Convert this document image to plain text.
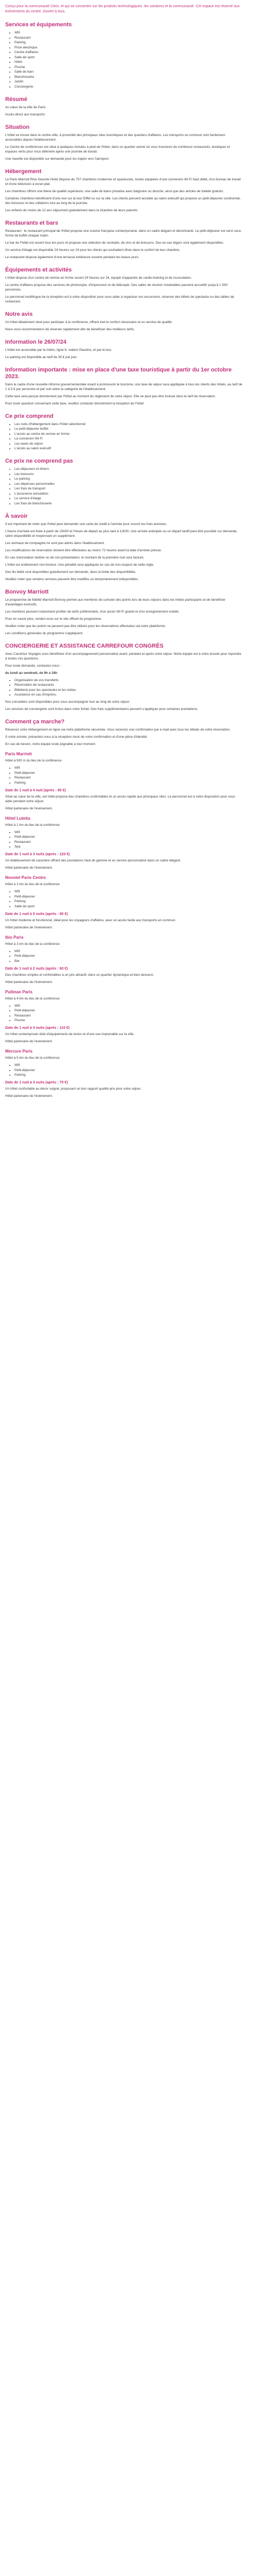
Conçu pour la communauté Citrix, et qui se concentre sur les produits technologiques, les solutions et la communauté. Cet espace est réservé aux événements du centre. Ouvert à tous.

Services et équipements
• Wifi
• Restaurant
• Parking
• Prise électrique
• Centre d'affaires
• Salle de sport
• Hôtel
• Piscine
• Salle de bain
• Blanchisserie
• Jardin
• Conciergerie
Résumé

Au cœur de la ville de Paris

Accès direct aux transports

Situation

L'hôtel se trouve dans le centre-ville, à proximité des principaux sites touristiques et des quartiers d'affaires. Les transports en commun sont facilement accessibles depuis l'établissement.

Le Centre de conférences est situé à quelques minutes à pied de l'hôtel, dans un quartier animé où vous trouverez de nombreux restaurants, boutiques et espaces verts pour vous détendre après une journée de travail.

Une navette est disponible sur demande pour les trajets vers l'aéroport.

Hébergement

Le Paris Marriott Rive Gauche Hotel dispose de 757 chambres modernes et spacieuses, toutes équipées d'une connexion Wi-Fi haut débit, d'un bureau de travail et d'une télévision à écran plat.

Les chambres offrent une literie de qualité supérieure, une salle de bains privative avec baignoire ou douche, ainsi que des articles de toilette gratuits.

Certaines chambres bénéficient d'une vue sur la tour Eiffel ou sur la ville. Les clients peuvent accéder au salon exécutif qui propose un petit-déjeuner continental, des boissons et des collations tout au long de la journée.

Les enfants de moins de 12 ans séjournent gratuitement dans la chambre de leurs parents.

Restaurants et bars

Restaurant : le restaurant principal de l'hôtel propose une cuisine française contemporaine, dans un cadre élégant et décontracté. Le petit-déjeuner est servi sous forme de buffet chaque matin.

Le bar de l'hôtel est ouvert tous les jours et propose une sélection de cocktails, de vins et de boissons. Des en-cas légers sont également disponibles.

Un service d'étage est disponible 24 heures sur 24 pour les clients qui souhaitent dîner dans le confort de leur chambre.

Le restaurant dispose également d'une terrasse extérieure ouverte pendant les beaux jours.

Équipements et activités

L'hôtel dispose d'un centre de remise en forme ouvert 24 heures sur 24, équipé d'appareils de cardio-training et de musculation.

Le centre d'affaires propose des services de photocopie, d'impression et de télécopie. Des salles de réunion modulables peuvent accueillir jusqu'à 1 500 personnes.

Le personnel multilingue de la réception est à votre disposition pour vous aider à organiser vos excursions, réserver des billets de spectacle ou des tables de restaurant.

Notre avis

Un hôtel idéalement situé pour participer à la conférence, offrant tout le confort nécessaire et un service de qualité.

Nous vous recommandons de réserver rapidement afin de bénéficier des meilleurs tarifs.

Information le 26/07/24

L'hôtel est accessible par le métro, ligne 6, station Glacière, et par le bus.

Le parking est disponible au tarif de 35 € par jour.

Information importante : mise en place d'une taxe touristique à partir du 1er octobre 2023.

Dans le cadre d'une nouvelle réforme gouvernementale visant à promouvoir le tourisme, une taxe de séjour sera appliquée à tous les clients des hôtels, au tarif de 1 à 5 € par personne et par nuit selon la catégorie de l'établissement.

Cette taxe sera perçue directement par l'hôtel au moment du règlement de votre séjour. Elle ne peut pas être incluse dans le tarif de réservation.

Pour toute question concernant cette taxe, veuillez contacter directement la réception de l'hôtel.

Ce prix comprend
• Les nuits d'hébergement dans l'hôtel sélectionné
• Le petit-déjeuner buffet
• L'accès au centre de remise en forme
• La connexion Wi-Fi
• Les taxes de séjour
• L'accès au salon exécutif
Ce prix ne comprend pas
• Les déjeuners et dîners
• Les boissons
• Le parking
• Les dépenses personnelles
• Les frais de transport
• L'assurance annulation
• Le service d'étage
• Les frais de blanchisserie
À savoir

Il est important de noter que l'hôtel peut demander une carte de crédit à l'arrivée pour couvrir les frais annexes.

L'heure d'arrivée est fixée à partir de 15h00 et l'heure de départ au plus tard à 12h00. Une arrivée anticipée ou un départ tardif peut être possible sur demande, selon disponibilité et moyennant un supplément.

Les animaux de compagnie ne sont pas admis dans l'établissement.

Les modifications de réservation doivent être effectuées au moins 72 heures avant la date d'arrivée prévue.

En cas d'annulation tardive ou de non-présentation, le montant de la première nuit sera facturé.

L'hôtel est entièrement non-fumeur. Une pénalité sera appliquée en cas de non-respect de cette règle.

Des lits bébé sont disponibles gratuitement sur demande, dans la limite des disponibilités.

Veuillez noter que certains services peuvent être modifiés ou temporairement indisponibles.

Bonvoy Marriott

Le programme de fidélité Marriott Bonvoy permet aux membres de cumuler des points lors de leurs séjours dans les hôtels participants et de bénéficier d'avantages exclusifs.

Les membres peuvent notamment profiter de tarifs préférentiels, d'un accès Wi-Fi gratuit et d'un enregistrement mobile.

Pour en savoir plus, rendez-vous sur le site officiel du programme.

Veuillez noter que les points ne peuvent pas être utilisés pour les réservations effectuées via notre plateforme.

Les conditions générales du programme s'appliquent.

CONCIERGERIE ET ASSISTANCE CARREFOUR CONGRÈS

Avec Carrefour Voyages vous bénéficiez d'un accompagnement personnalisé avant, pendant et après votre séjour. Notre équipe est à votre écoute pour répondre à toutes vos questions.

Pour toute demande, contactez-nous :

du lundi au vendredi, de 9h à 18h

• Organisation de vos transferts
• Réservation de restaurants
• Billetterie pour les spectacles et les visites
• Assistance en cas d'imprévu

Nos conseillers sont disponibles pour vous accompagner tout au long de votre séjour.

Les services de conciergerie sont inclus dans votre forfait. Des frais supplémentaires peuvent s'appliquer pour certaines prestations.

Comment ça marche?

Réservez votre hébergement en ligne via notre plateforme sécurisée. Vous recevrez une confirmation par e-mail avec tous les détails de votre réservation.

À votre arrivée, présentez-vous à la réception muni de votre confirmation et d'une pièce d'identité.

En cas de besoin, notre équipe reste joignable à tout moment.

Paris Marriott

Hôtel à 500 m du lieu de la conférence

• Wifi
• Petit-déjeuner
• Restaurant
• Parking
Date de 1 nuit à 4 nuit (après : 90 €)

Situé au cœur de la ville, cet hôtel propose des chambres confortables et un accès rapide aux principaux sites. Le personnel est à votre disposition pour vous aider pendant votre séjour.

Hôtel partenaire de l'événement.

Hôtel Lutetia

Hôtel à 1 km du lieu de la conférence

• Wifi
• Petit-déjeuner
• Restaurant
• Spa
Date de 1 nuit à 3 nuits (après : 120 €)

Un établissement de caractère offrant des prestations haut de gamme et un service personnalisé dans un cadre élégant.

Hôtel partenaire de l'événement.

Novotel Paris Centre

Hôtel à 2 km du lieu de la conférence

• Wifi
• Petit-déjeuner
• Parking
• Salle de sport
Date de 1 nuit à 5 nuits (après : 80 €)

Un hôtel moderne et fonctionnel, idéal pour les voyageurs d'affaires, avec un accès facile aux transports en commun.

Hôtel partenaire de l'événement.

Ibis Paris

Hôtel à 3 km du lieu de la conférence

• Wifi
• Petit-déjeuner
• Bar
Date de 1 nuit à 2 nuits (après : 60 €)

Des chambres simples et confortables à un prix attractif, dans un quartier dynamique et bien desservi.

Hôtel partenaire de l'événement.

Pullman Paris

Hôtel à 4 km du lieu de la conférence

• Wifi
• Petit-déjeuner
• Restaurant
• Piscine
Date de 1 nuit à 4 nuits (après : 110 €)

Un hôtel contemporain doté d'équipements de loisirs et d'une vue imprenable sur la ville.

Hôtel partenaire de l'événement.

Mercure Paris

Hôtel à 5 km du lieu de la conférence

• Wifi
• Petit-déjeuner
• Parking
Date de 1 nuit à 3 nuits (après : 75 €)

Un hôtel confortable au décor soigné, proposant un bon rapport qualité-prix pour votre séjour.

Hôtel partenaire de l'événement.
